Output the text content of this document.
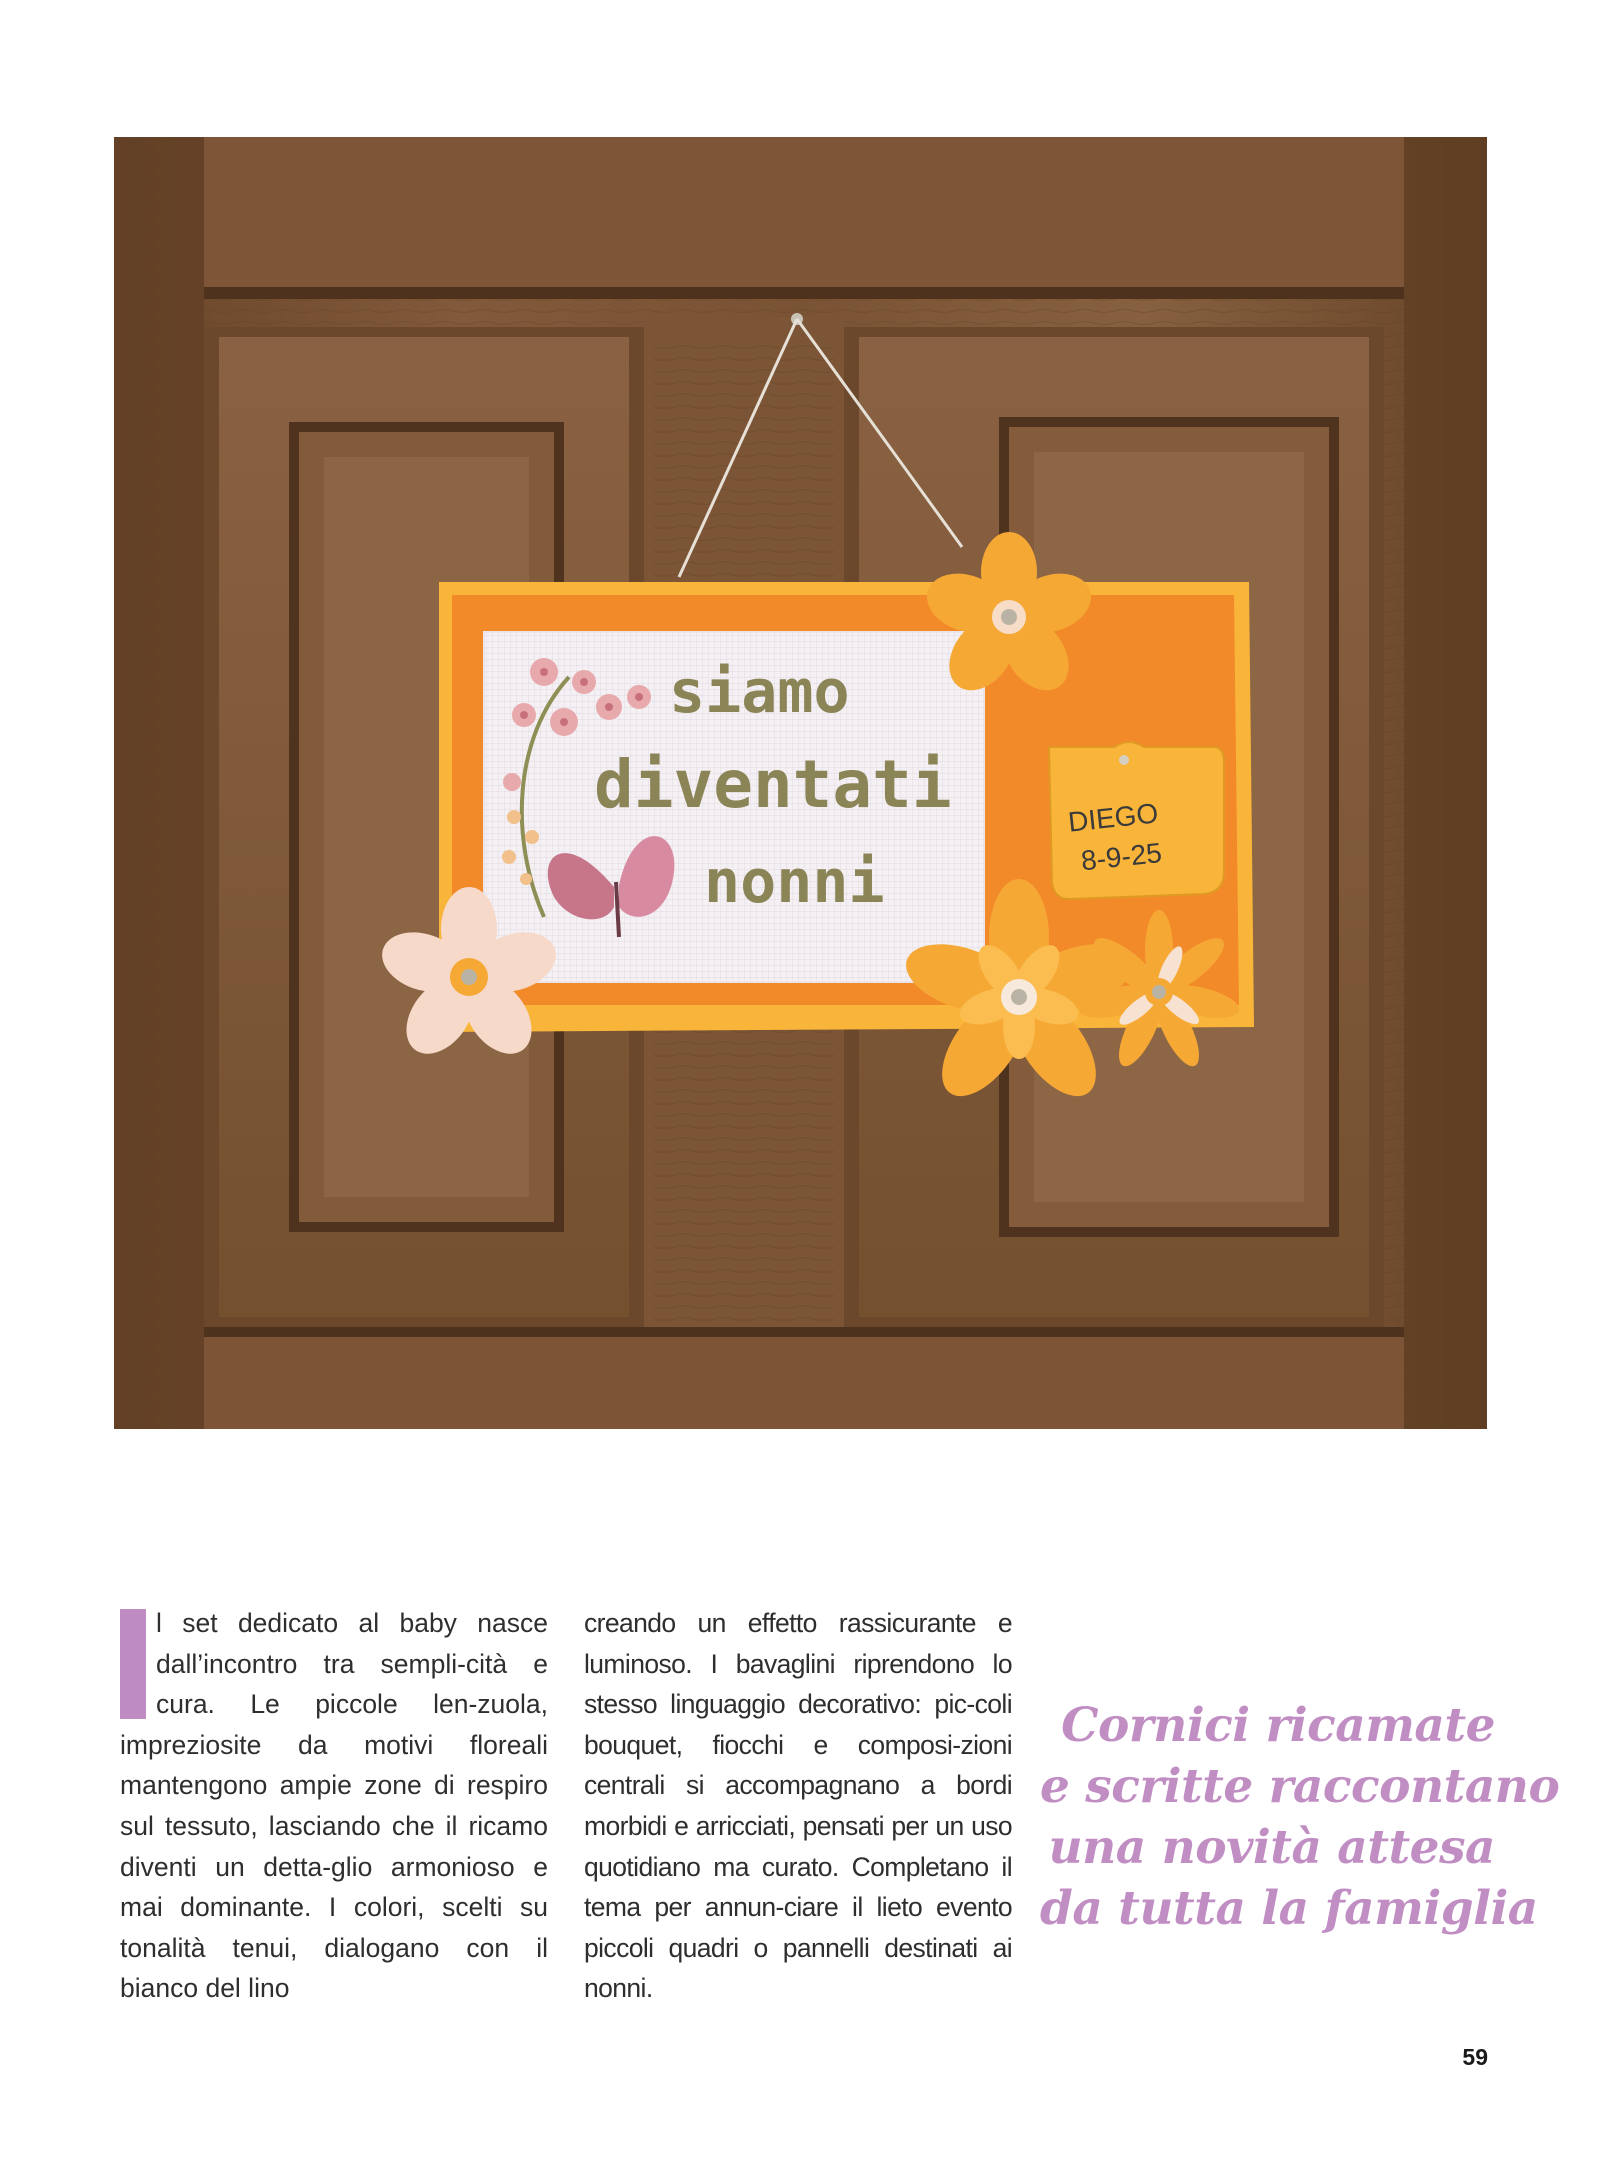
siamo
diventati
nonni
DIEGO
8-9-25
l set dedicato al baby nasce dall’incontro tra sempli-cità e cura. Le piccole len-zuola, impreziosite da motivi floreali mantengono ampie zone di respiro sul tessuto, lasciando che il ricamo diventi un detta-glio armonioso e mai dominante. I colori, scelti su tonalità tenui, dialogano con il bianco del lino
creando un effetto rassicurante e luminoso. I bavaglini riprendono lo stesso linguaggio decorativo: pic-coli bouquet, fiocchi e composi-zioni centrali si accompagnano a bordi morbidi e arricciati, pensati per un uso quotidiano ma curato. Completano il tema per annun-ciare il lieto evento piccoli quadri o pannelli destinati ai nonni.
Cornici ricamate
e scritte raccontano
una novità attesa
da tutta la famiglia
59
